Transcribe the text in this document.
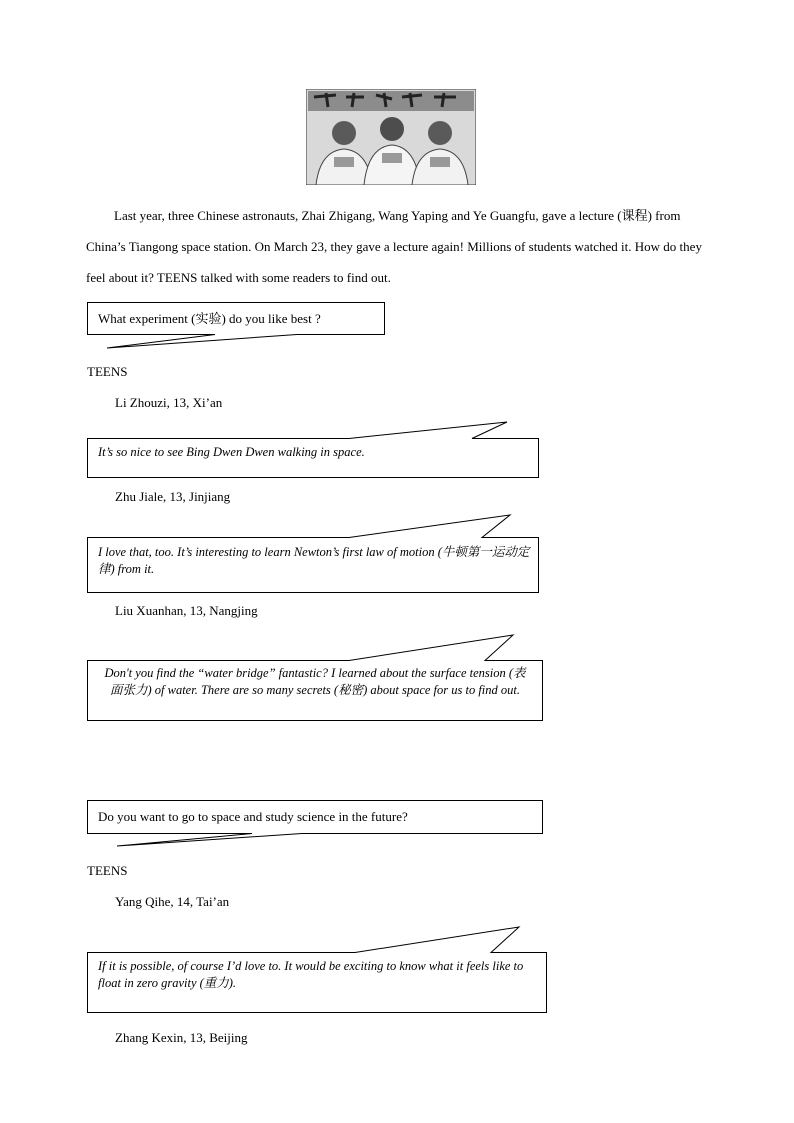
Last year, three Chinese astronauts, Zhai Zhigang, Wang Yaping and Ye Guangfu, gave a lecture (课程) from China’s Tiangong space station. On March 23, they gave a lecture again! Millions of students watched it. How do they feel about it? TEENS talked with some readers to find out.

What experiment (实验) do you like best ?
TEENS
Li Zhouzi, 13, Xi’an
It’s so nice to see Bing Dwen Dwen walking in space.
Zhu Jiale, 13, Jinjiang
I love that, too. It’s interesting to learn Newton’s first law of motion (牛顿第一运动定律) from it.
Liu Xuanhan, 13, Nangjing
Don't you find the “water bridge” fantastic? I learned about the surface tension (表面张力) of water. There are so many secrets (秘密) about space for us to find out.
Do you want to go to space and study science in the future?
TEENS
Yang Qihe, 14, Tai’an
If it is possible, of course I’d love to. It would be exciting to know what it feels like to float in zero gravity (重力).
Zhang Kexin, 13, Beijing
